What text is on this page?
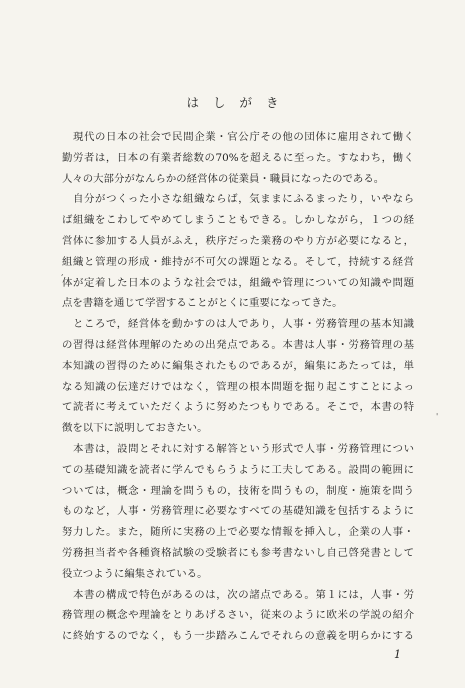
はしがき
現代の日本の社会で民間企業・官公庁その他の団体に雇用されて働く
勤労者は，日本の有業者総数の70%を超えるに至った。すなわち，働く
人々の大部分がなんらかの経営体の従業員・職員になったのである。
自分がつくった小さな組織ならば，気ままにふるまったり，いやなら
ば組織をこわしてやめてしまうこともできる。しかしながら，１つの経
営体に参加する人員がふえ，秩序だった業務のやり方が必要になると，
組織と管理の形成・維持が不可欠の課題となる。そして，持続する経営
体が定着した日本のような社会では，組織や管理についての知識や問題
点を書籍を通じて学習することがとくに重要になってきた。
ところで，経営体を動かすのは人であり，人事・労務管理の基本知識
の習得は経営体理解のための出発点である。本書は人事・労務管理の基
本知識の習得のために編集されたものであるが，編集にあたっては，単
なる知識の伝達だけではなく，管理の根本問題を掘り起こすことによっ
て読者に考えていただくように努めたつもりである。そこで，本書の特
徴を以下に説明しておきたい。
本書は，設問とそれに対する解答という形式で人事・労務管理につい
ての基礎知識を読者に学んでもらうように工夫してある。設問の範囲に
ついては，概念・理論を問うもの，技術を問うもの，制度・施策を問う
ものなど，人事・労務管理に必要なすべての基礎知識を包括するように
努力した。また，随所に実務の上で必要な情報を挿入し，企業の人事・
労務担当者や各種資格試験の受験者にも参考書ないし自己啓発書として
役立つように編集されている。
本書の構成で特色があるのは，次の諸点である。第１には，人事・労
務管理の概念や理論をとりあげるさい，従来のように欧米の学説の紹介
に終始するのでなく，もう一歩踏みこんでそれらの意義を明らかにする
1
,
'
